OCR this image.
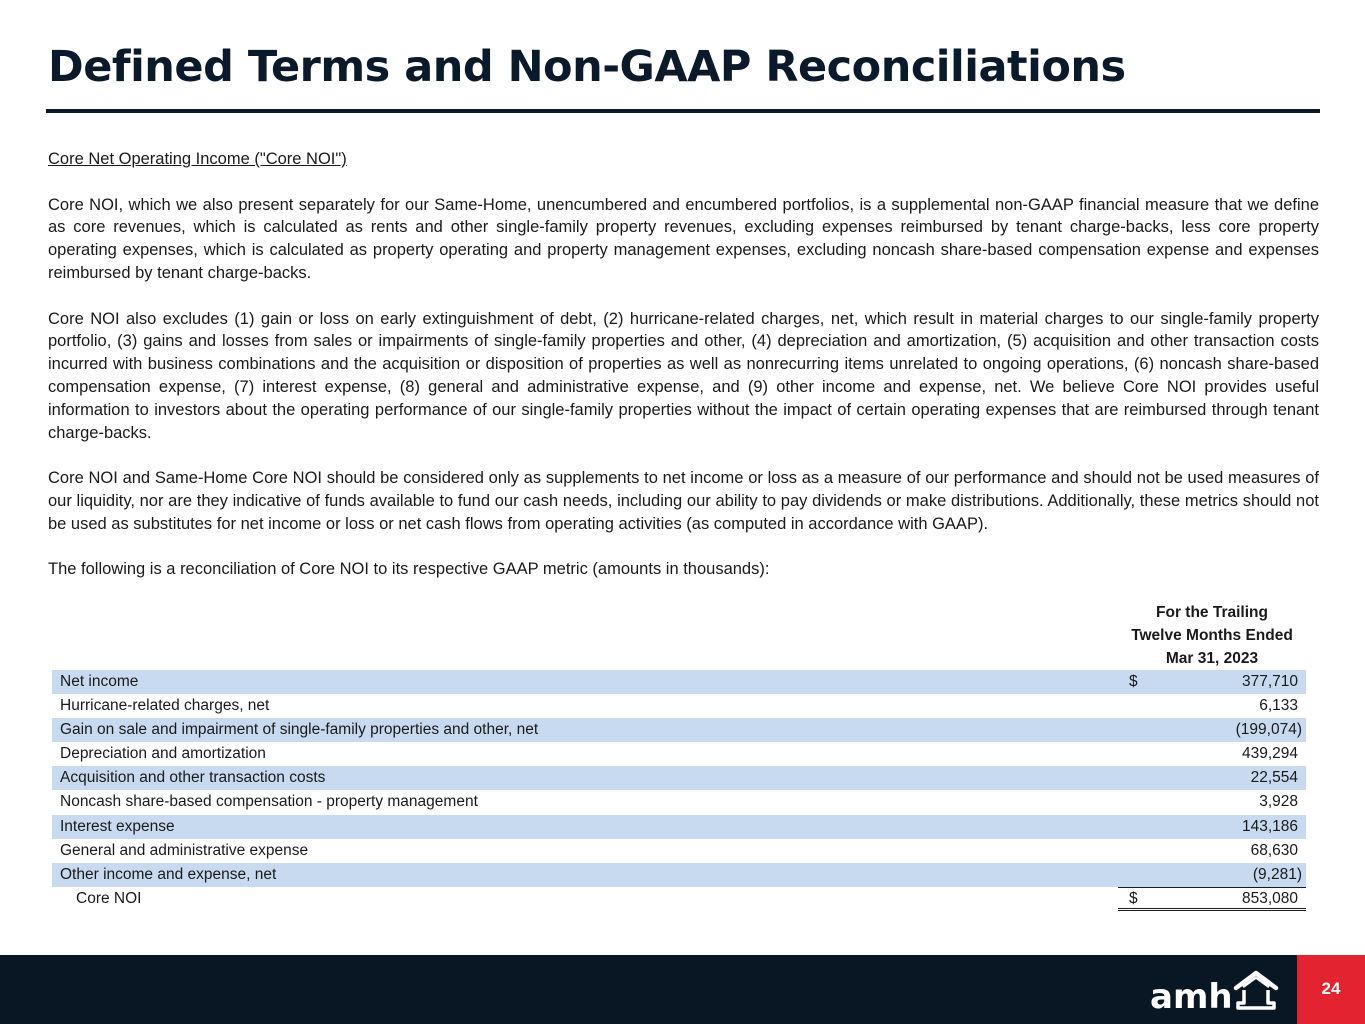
Defined Terms and Non-GAAP Reconciliations
Core Net Operating Income ("Core NOI")

Core NOI, which we also present separately for our Same-Home, unencumbered and encumbered portfolios, is a supplemental non-GAAP financial measure that we define as core revenues, which is calculated as rents and other single-family property revenues, excluding expenses reimbursed by tenant charge-backs, less core property operating expenses, which is calculated as property operating and property management expenses, excluding noncash share-based compensation expense and expenses reimbursed by tenant charge-backs.

Core NOI also excludes (1) gain or loss on early extinguishment of debt, (2) hurricane-related charges, net, which result in material charges to our single-family property portfolio, (3) gains and losses from sales or impairments of single-family properties and other, (4) depreciation and amortization, (5) acquisition and other transaction costs incurred with business combinations and the acquisition or disposition of properties as well as nonrecurring items unrelated to ongoing operations, (6) noncash share-based compensation expense, (7) interest expense, (8) general and administrative expense, and (9) other income and expense, net. We believe Core NOI provides useful information to investors about the operating performance of our single-family properties without the impact of certain operating expenses that are reimbursed through tenant charge-backs.

Core NOI and Same-Home Core NOI should be considered only as supplements to net income or loss as a measure of our performance and should not be used measures of our liquidity, nor are they indicative of funds available to fund our cash needs, including our ability to pay dividends or make distributions. Additionally, these metrics should not be used as substitutes for net income or loss or net cash flows from operating activities (as computed in accordance with GAAP).

The following is a reconciliation of Core NOI to its respective GAAP metric (amounts in thousands):

For the Trailing
Twelve Months Ended
Mar 31, 2023
Net income	$	377,710
Hurricane-related charges, net	6,133
Gain on sale and impairment of single-family properties and other, net	(199,074)
Depreciation and amortization	439,294
Acquisition and other transaction costs	22,554
Noncash share-based compensation - property management	3,928
Interest expense	143,186
General and administrative expense	68,630
Other income and expense, net	(9,281)
Core NOI	$	853,080
amh	24
